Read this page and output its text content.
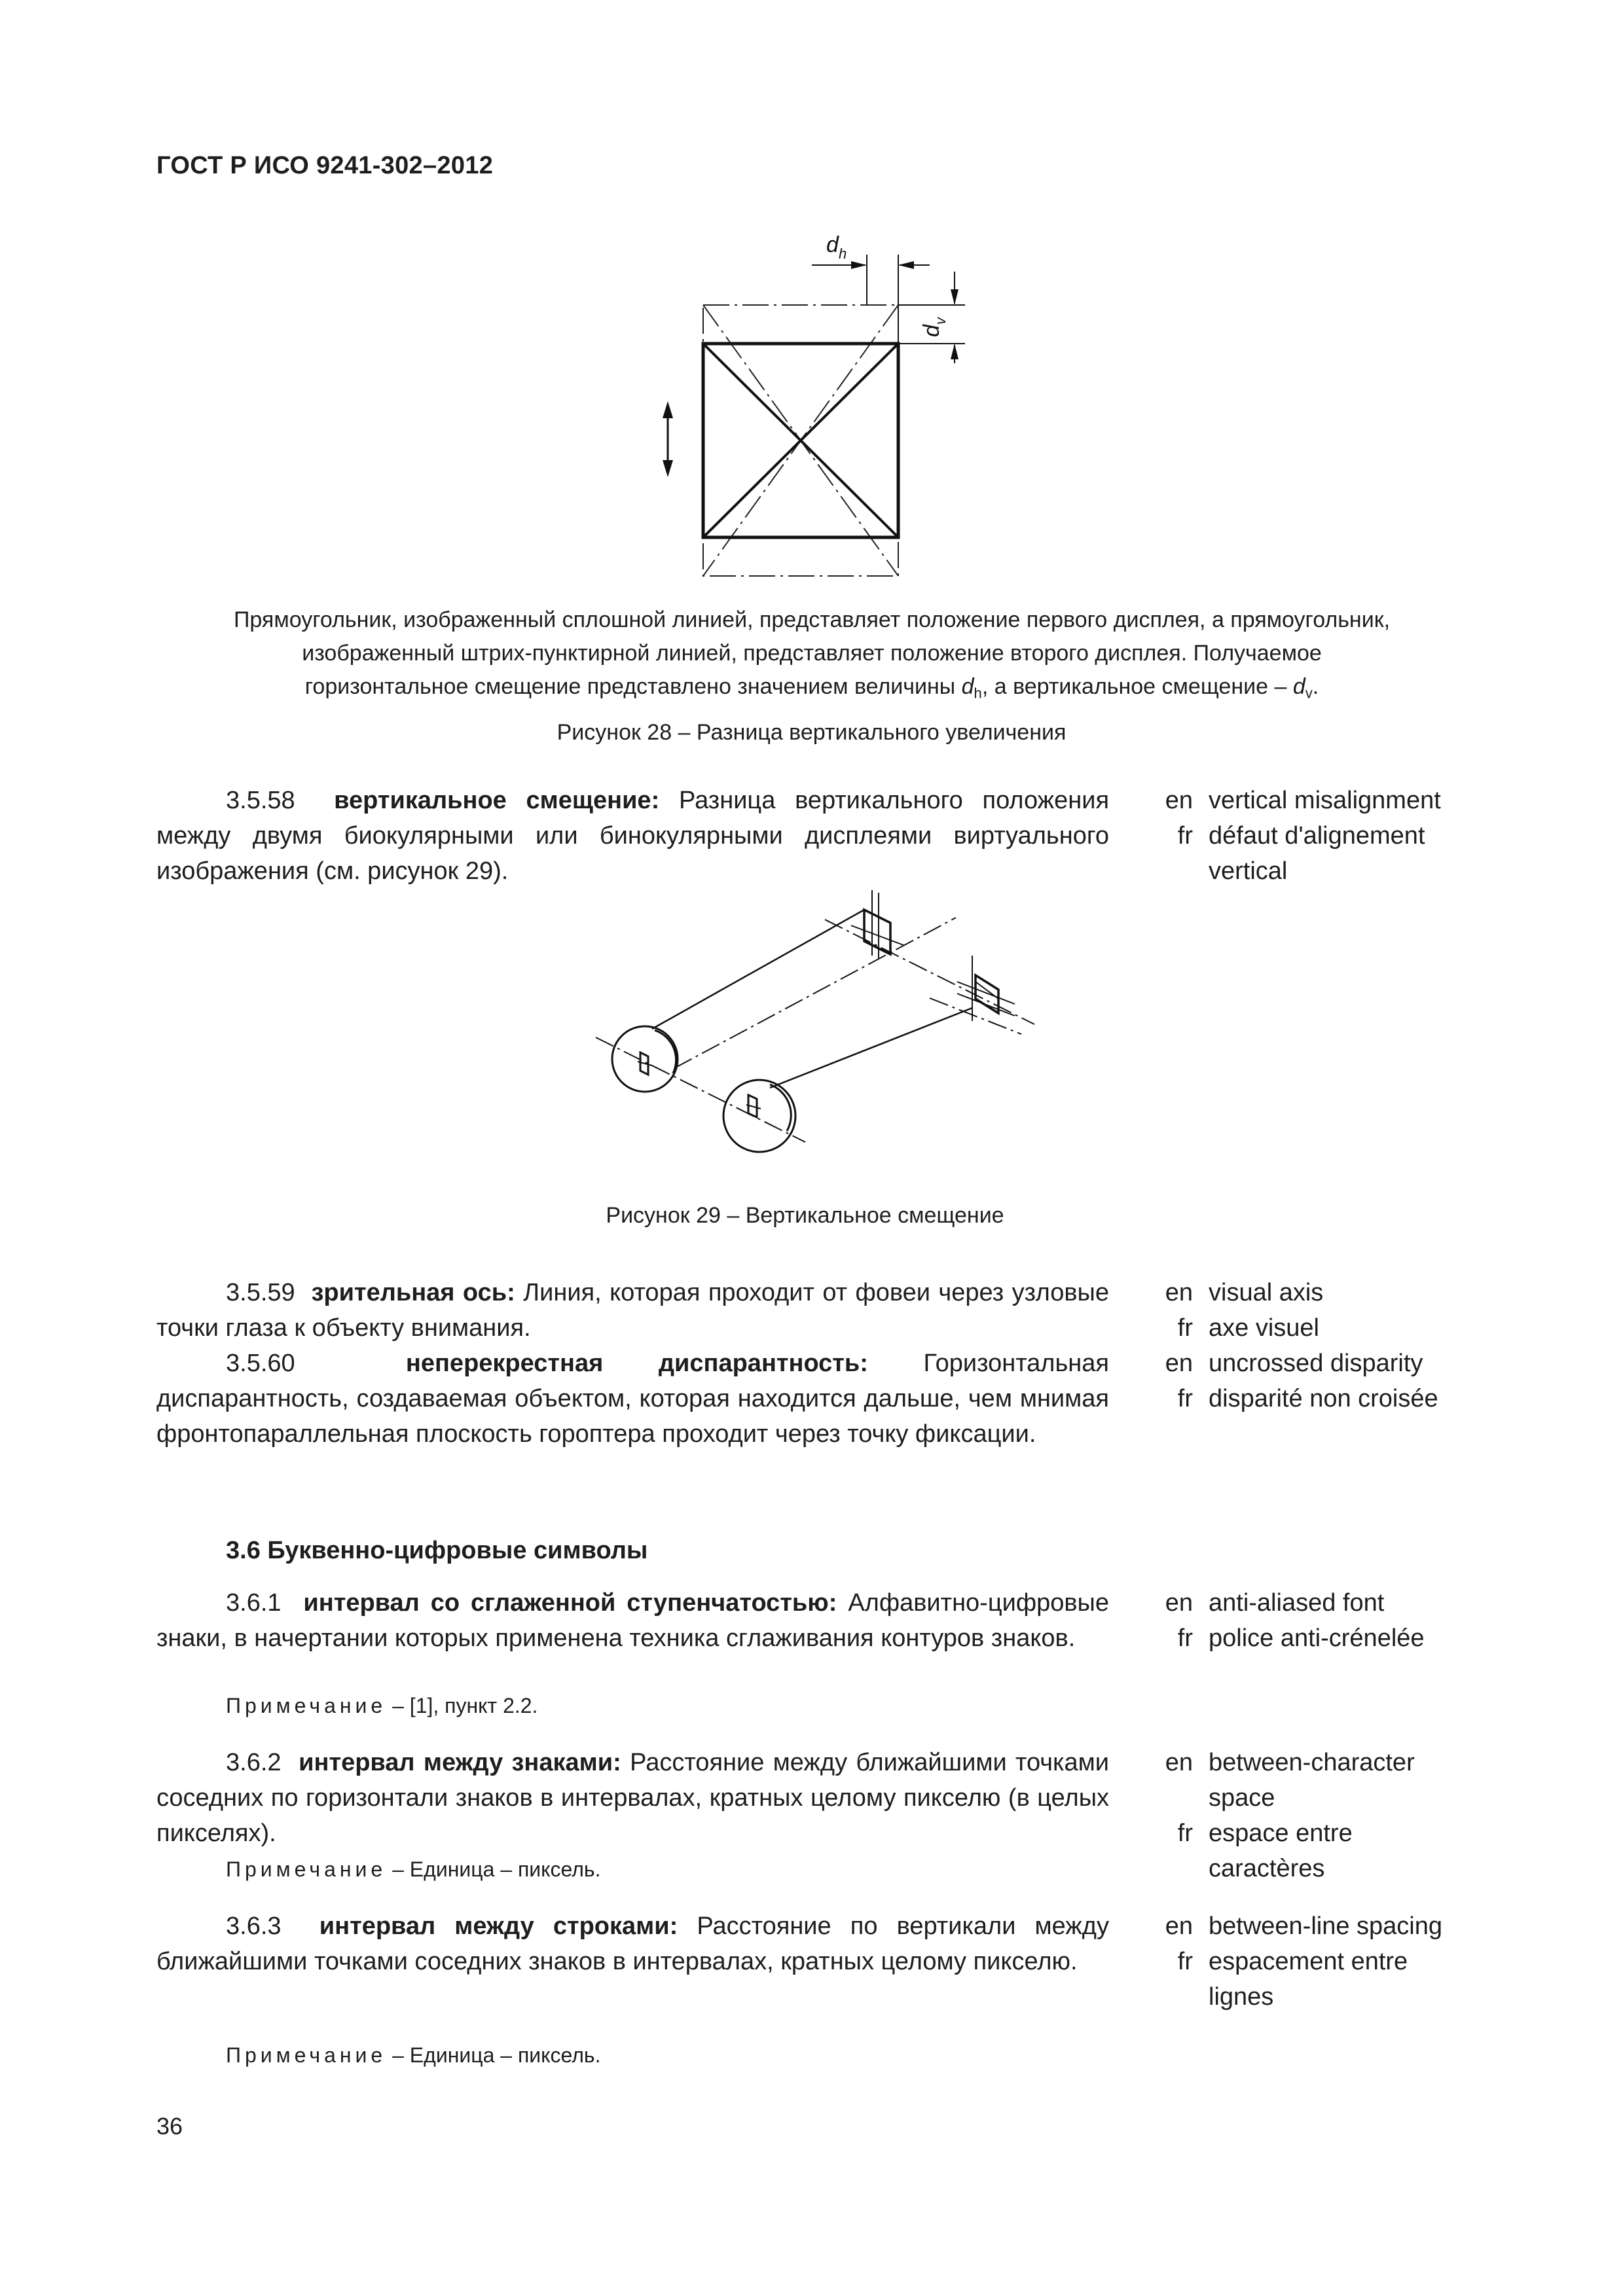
ГОСТ Р ИСО 9241-302–2012
d h
d
v
Прямоугольник, изображенный сплошной линией, представляет положение первого дисплея, а прямоугольник,
изображенный штрих-пунктирной линией, представляет положение второго дисплея. Получаемое
горизонтальное смещение представлено значением величины $d_h$, а вертикальное смещение – $d_v$.
Рисунок 28 – Разница вертикального увеличения
3.5.58 вертикальное смещение: Разница вертикального положения между двумя биокулярными или бинокулярными дисплеями виртуального изображения (см. рисунок 29).
en vertical misalignment
fr défaut d'alignement
vertical
Рисунок 29 – Вертикальное смещение
3.5.59 зрительная ось: Линия, которая проходит от фовеи через узловые точки глаза к объекту внимания.
en visual axis
fr axe visuel
3.5.60	неперекрестная диспарантность: Горизонтальная диспарантность, создаваемая объектом, которая находится дальше, чем мнимая фронтопараллельная плоскость гороптера проходит через точку фиксации.
en uncrossed disparity
fr disparité non croisée
3.6 Буквенно-цифровые символы
3.6.1 интервал со сглаженной ступенчатостью: Алфавитно-цифровые знаки, в начертании которых применена техника сглаживания контуров знаков.
en anti-aliased font
fr police anti-crénelée
Примечание – [1], пункт 2.2.
3.6.2 интервал между знаками: Расстояние между ближайшими точками соседних по горизонтали знаков в интервалах, кратных целому пикселю (в целых пикселях).
en between-character
space
fr espace entre
caractères
Примечание – Единица – пиксель.
3.6.3 интервал между строками: Расстояние по вертикали между ближайшими точками соседних знаков в интервалах, кратных целому пикселю.
en between-line spacing
fr espacement entre
lignes
Примечание – Единица – пиксель.
36
